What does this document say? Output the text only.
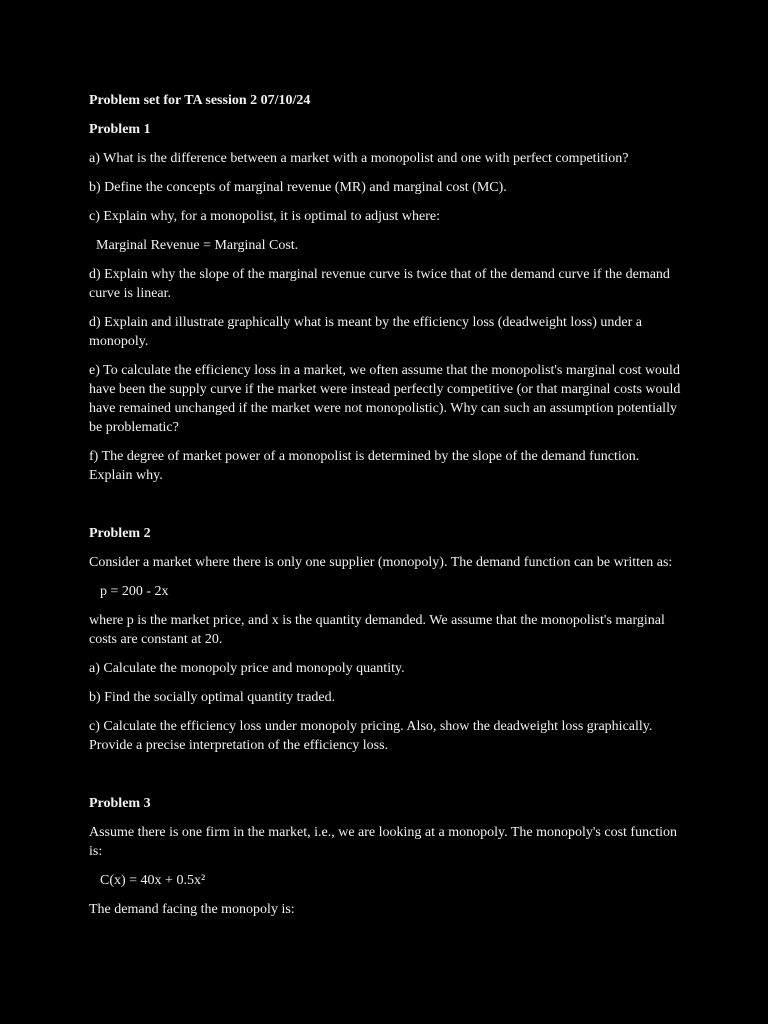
Problem set for TA session 2 07/10/24

Problem 1

a) What is the difference between a market with a monopolist and one with perfect competition?

b) Define the concepts of marginal revenue (MR) and marginal cost (MC).

c) Explain why, for a monopolist, it is optimal to adjust where:

Marginal Revenue = Marginal Cost.

d) Explain why the slope of the marginal revenue curve is twice that of the demand curve if the demand curve is linear.

d) Explain and illustrate graphically what is meant by the efficiency loss (deadweight loss) under a monopoly.

e) To calculate the efficiency loss in a market, we often assume that the monopolist's marginal cost would have been the supply curve if the market were instead perfectly competitive (or that marginal costs would have remained unchanged if the market were not monopolistic). Why can such an assumption potentially be problematic?

f) The degree of market power of a monopolist is determined by the slope of the demand function. Explain why.

Problem 2

Consider a market where there is only one supplier (monopoly). The demand function can be written as:

p = 200 - 2x

where p is the market price, and x is the quantity demanded. We assume that the monopolist's marginal costs are constant at 20.

a) Calculate the monopoly price and monopoly quantity.

b) Find the socially optimal quantity traded.

c) Calculate the efficiency loss under monopoly pricing. Also, show the deadweight loss graphically. Provide a precise interpretation of the efficiency loss.

Problem 3

Assume there is one firm in the market, i.e., we are looking at a monopoly. The monopoly's cost function is:

C(x) = 40x + 0.5x²

The demand facing the monopoly is:
